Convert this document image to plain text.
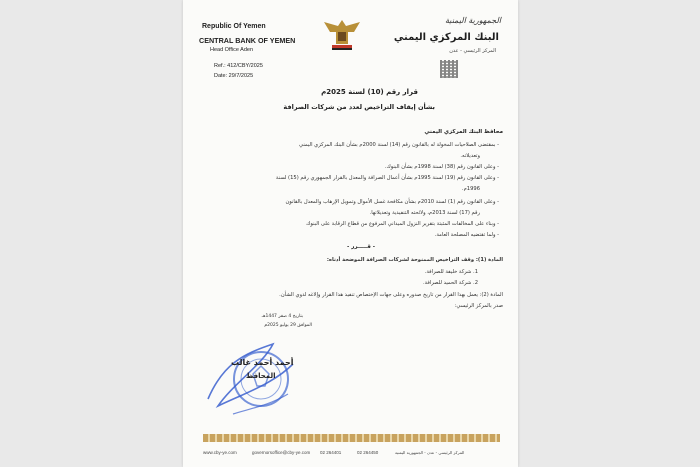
Republic Of Yemen
CENTRAL BANK OF YEMEN
Head Office Aden
Ref.: 412/CBY/2025
Date: 29/7/2025
الجمهورية اليمنية
البنك المركزي اليمني
المركز الرئيسي - عدن
قرار رقم (10) لسنة 2025م
بشأن إيقاف التراخيص لعدد من شركات الصرافة
محافظ البنك المركزي اليمني
- بمقتضى الصلاحيات المخولة له بالقانون رقم (14) لسنة 2000م بشأن البنك المركزي اليمني
وتعديلاته.
- وعلى القانون رقم (38) لسنة 1998م بشأن البنوك.
- وعلى القانون رقم (19) لسنة 1995م بشأن أعمال الصرافة والمعدل بالقرار الجمهوري رقم (15) لسنة
1996م.
- وعلى القانون رقم (1) لسنة 2010م بشأن مكافحة غسل الأموال وتمويل الإرهاب والمعدل بالقانون
رقم (17) لسنة 2013م، ولائحته التنفيذية وتعديلاتها.
- وبناء على المخالفات المثبتة بتقرير النزول الميداني المرفوع من قطاع الرقابة على البنوك
- ولما تقتضيه المصلحة العامة.
- قـــــرر -
المادة (1): وقف التراخيص الممنوحة لشركات الصرافة الموضحة أدناه:
1. شركة خليفة للصرافة.
2. شركة الحميد للصرافة.
المادة (2): يعمل بهذا القرار من تاريخ صدوره وعلى جهات الإختصاص تنفيذ هذا القرار وإلاغه لذوي الشأن.
صدر بالمركز الرئيسي:
بتاريخ 4 صفر 1447هـ
الموافق 29 يوليو 2025م
أحمد أحمد غالب
المحافظ
www.cby-ye.com	governorsoffice@cby-ye.com 02 264401	02 264450	المركز الرئيسي - عدن - الجمهورية اليمنية
